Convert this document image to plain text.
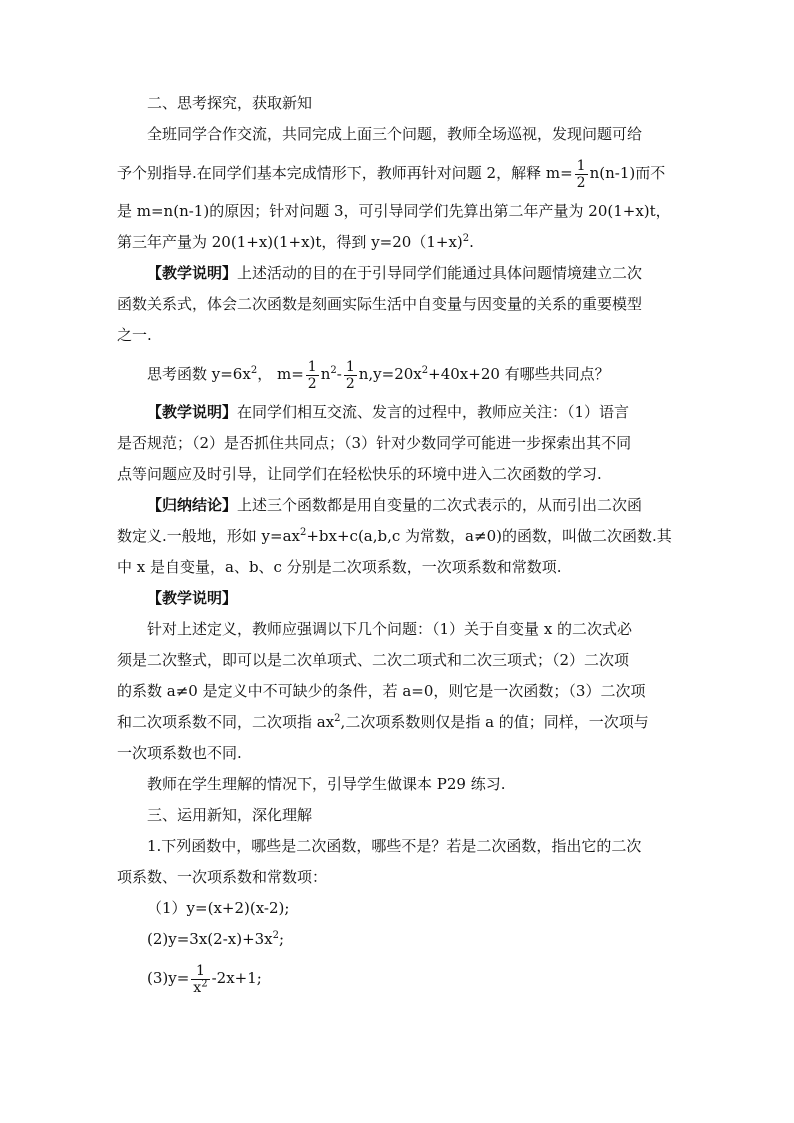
二、思考探究，获取新知

全班同学合作交流，共同完成上面三个问题，教师全场巡视，发现问题可给

予个别指导.在同学们基本完成情形下，教师再针对问题 2，解释 $m= \frac{1}{2} n(n-1)$而不

是 m=n(n-1)的原因；针对问题 3，可引导同学们先算出第二年产量为 20(1+x)t，

第三年产量为 20(1+x)(1+x)t，得到 y=20（1+x)$^2$.

【教学说明】上述活动的目的在于引导同学们能通过具体问题情境建立二次

函数关系式，体会二次函数是刻画实际生活中自变量与因变量的关系的重要模型

之一.

思考函数 $y=6x^2$， $m= \frac{1}{2} n^2- \frac{1}{2} n,y=20x^2+40x+20$ 有哪些共同点？

【教学说明】在同学们相互交流、发言的过程中，教师应关注：（1）语言

是否规范；（2）是否抓住共同点；（3）针对少数同学可能进一步探索出其不同

点等问题应及时引导，让同学们在轻松快乐的环境中进入二次函数的学习.

【归纳结论】上述三个函数都是用自变量的二次式表示的，从而引出二次函

数定义.一般地，形如 $y=ax^2+bx+c(a,b,c$ 为常数，a≠0)的函数，叫做二次函数.其

中 x 是自变量，a、b、c 分别是二次项系数，一次项系数和常数项.

【教学说明】

针对上述定义，教师应强调以下几个问题：（1）关于自变量 x 的二次式必

须是二次整式，即可以是二次单项式、二次二项式和二次三项式；（2）二次项

的系数 a≠0 是定义中不可缺少的条件，若 a=0，则它是一次函数；（3）二次项

和二次项系数不同，二次项指 $ax^2$,二次项系数则仅是指 a 的值；同样，一次项与

一次项系数也不同.

教师在学生理解的情况下，引导学生做课本 P29 练习.

三、运用新知，深化理解

1.下列函数中，哪些是二次函数，哪些不是？若是二次函数，指出它的二次

项系数、一次项系数和常数项：

（1）y=(x+2)(x-2);

$(2)y=3x(2-x)+3x^2$;

$(3)y= \frac{1}{x^2} -2x+1$;
